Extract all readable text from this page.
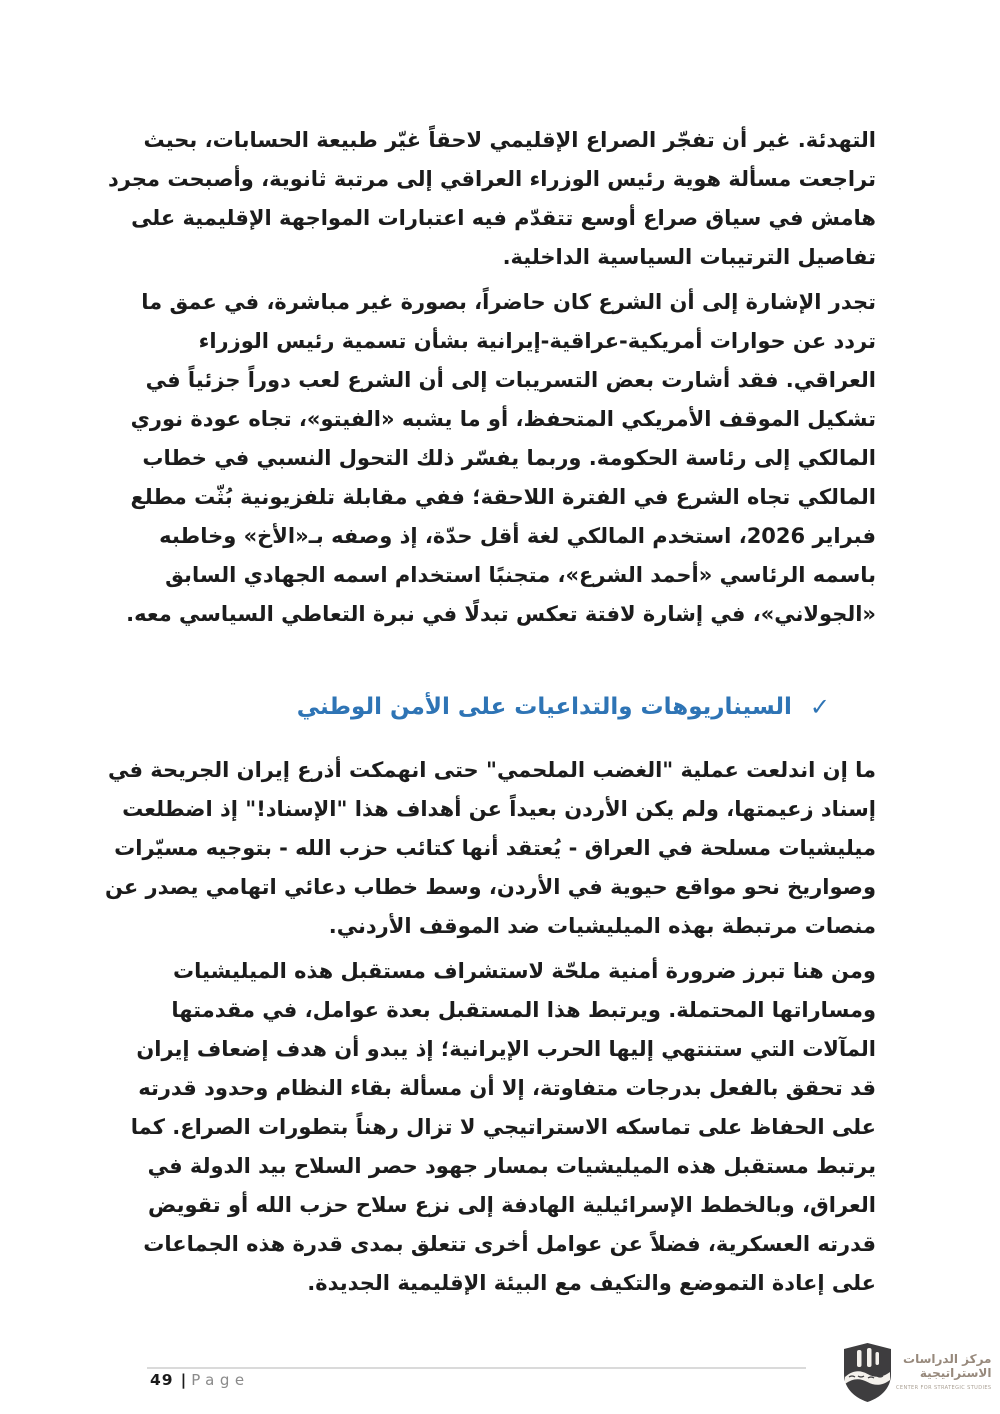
التهدئة. غير أن تفجّر الصراع الإقليمي لاحقاً غيّر طبيعة الحسابات، بحيث تراجعت مسألة هوية رئيس الوزراء العراقي إلى مرتبة ثانوية، وأصبحت مجرد هامش في سياق صراع أوسع تتقدّم فيه اعتبارات المواجهة الإقليمية على تفاصيل الترتيبات السياسية الداخلية.

تجدر الإشارة إلى أن الشرع كان حاضراً، بصورة غير مباشرة، في عمق ما تردد عن حوارات أمريكية-عراقية-إيرانية بشأن تسمية رئيس الوزراء العراقي. فقد أشارت بعض التسريبات إلى أن الشرع لعب دوراً جزئياً في تشكيل الموقف الأمريكي المتحفظ، أو ما يشبه «الفيتو»، تجاه عودة نوري المالكي إلى رئاسة الحكومة. وربما يفسّر ذلك التحول النسبي في خطاب المالكي تجاه الشرع في الفترة اللاحقة؛ ففي مقابلة تلفزيونية بُثّت مطلع فبراير 2026، استخدم المالكي لغة أقل حدّة، إذ وصفه بـ«الأخ» وخاطبه باسمه الرئاسي «أحمد الشرع»، متجنبًا استخدام اسمه الجهادي السابق «الجولاني»، في إشارة لافتة تعكس تبدلًا في نبرة التعاطي السياسي معه.

✓ السيناريوهات والتداعيات على الأمن الوطني

ما إن اندلعت عملية "الغضب الملحمي" حتى انهمكت أذرع إيران الجريحة في إسناد زعيمتها، ولم يكن الأردن بعيداً عن أهداف هذا "الإسناد!" إذ اضطلعت ميليشيات مسلحة في العراق - يُعتقد أنها كتائب حزب الله - بتوجيه مسيّرات وصواريخ نحو مواقع حيوية في الأردن، وسط خطاب دعائي اتهامي يصدر عن منصات مرتبطة بهذه الميليشيات ضد الموقف الأردني.

ومن هنا تبرز ضرورة أمنية ملحّة لاستشراف مستقبل هذه الميليشيات ومساراتها المحتملة. ويرتبط هذا المستقبل بعدة عوامل، في مقدمتها المآلات التي ستنتهي إليها الحرب الإيرانية؛ إذ يبدو أن هدف إضعاف إيران قد تحقق بالفعل بدرجات متفاوتة، إلا أن مسألة بقاء النظام وحدود قدرته على الحفاظ على تماسكه الاستراتيجي لا تزال رهناً بتطورات الصراع. كما يرتبط مستقبل هذه الميليشيات بمسار جهود حصر السلاح بيد الدولة في العراق، وبالخطط الإسرائيلية الهادفة إلى نزع سلاح حزب الله أو تقويض قدرته العسكرية، فضلاً عن عوامل أخرى تتعلق بمدى قدرة هذه الجماعات على إعادة التموضع والتكيف مع البيئة الإقليمية الجديدة.

49 | Page
مركز الدراسات
الاستراتيجية
CENTER FOR STRATEGIC STUDIES
